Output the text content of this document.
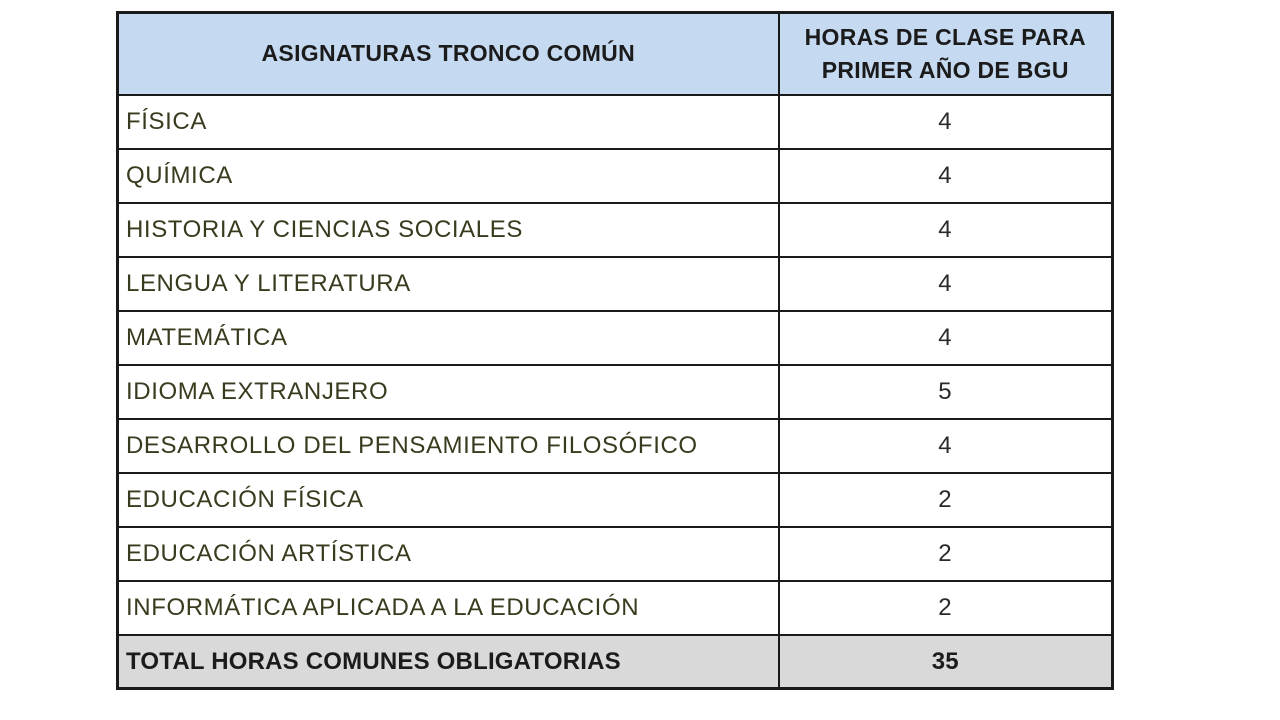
ASIGNATURAS TRONCO COMÚN	HORAS DE CLASE PARA
PRIMER AÑO DE BGU
FÍSICA	4
QUÍMICA	4
HISTORIA Y CIENCIAS SOCIALES	4
LENGUA Y LITERATURA	4
MATEMÁTICA	4
IDIOMA EXTRANJERO	5
DESARROLLO DEL PENSAMIENTO FILOSÓFICO	4
EDUCACIÓN FÍSICA	2
EDUCACIÓN ARTÍSTICA	2
INFORMÁTICA APLICADA A LA EDUCACIÓN	2
TOTAL HORAS COMUNES OBLIGATORIAS	35
